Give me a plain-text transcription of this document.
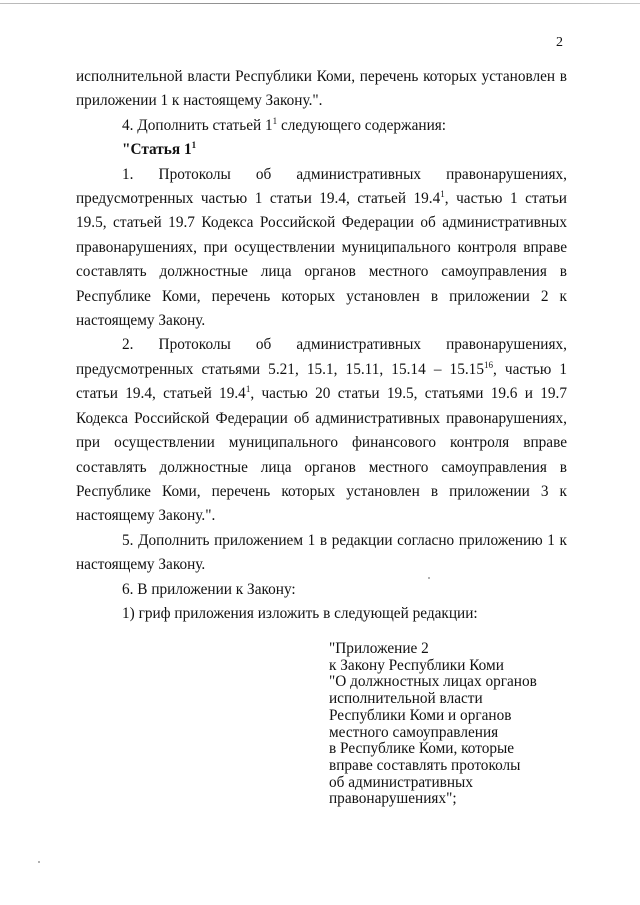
2

исполнительной власти Республики Коми, перечень которых установлен в приложении 1 к настоящему Закону.".

4. Дополнить статьей $1^1$ следующего содержания:

"Статья $1^1$

1. Протоколы об административных правонарушениях, предусмотренных частью 1 статьи 19.4, статьей 19.4$^1$, частью 1 статьи 19.5, статьей 19.7 Кодекса Российской Федерации об административных правонарушениях, при осуществлении муниципального контроля вправе составлять должностные лица органов местного самоуправления в Республике Коми, перечень которых установлен в приложении 2 к настоящему Закону.

2. Протоколы об административных правонарушениях, предусмотренных статьями 5.21, 15.1, 15.11, 15.14 – 15.15$^{16}$, частью 1 статьи 19.4, статьей 19.4$^1$, частью 20 статьи 19.5, статьями 19.6 и 19.7 Кодекса Российской Федерации об административных правонарушениях, при осуществлении муниципального финансового контроля вправе составлять должностные лица органов местного самоуправления в Республике Коми, перечень которых установлен в приложении 3 к настоящему Закону.".

5. Дополнить приложением 1 в редакции согласно приложению 1 к настоящему Закону.

6. В приложении к Закону:

1) гриф приложения изложить в следующей редакции:

"Приложение 2
к Закону Республики Коми
"О должностных лицах органов
исполнительной власти
Республики Коми и органов
местного самоуправления
в Республике Коми, которые
вправе составлять протоколы
об административных
правонарушениях";
